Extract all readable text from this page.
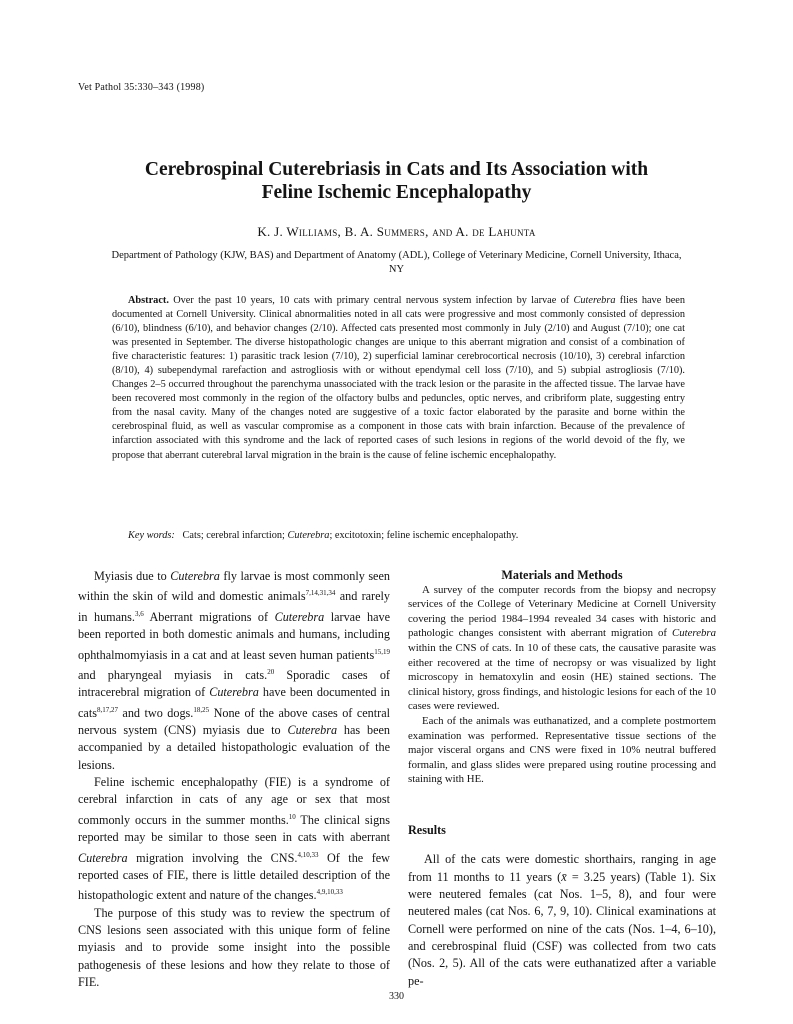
Vet Pathol 35:330–343 (1998)
Cerebrospinal Cuterebriasis in Cats and Its Association with
Feline Ischemic Encephalopathy
K. J. Williams, B. A. Summers, and A. de Lahunta
Department of Pathology (KJW, BAS) and Department of Anatomy (ADL), College of Veterinary Medicine, Cornell University, Ithaca, NY
Abstract. Over the past 10 years, 10 cats with primary central nervous system infection by larvae of Cuterebra flies have been documented at Cornell University. Clinical abnormalities noted in all cats were progressive and most commonly consisted of depression (6/10), blindness (6/10), and behavior changes (2/10). Affected cats presented most commonly in July (2/10) and August (7/10); one cat was presented in September. The diverse histopathologic changes are unique to this aberrant migration and consist of a combination of five characteristic features: 1) parasitic track lesion (7/10), 2) superficial laminar cerebrocortical necrosis (10/10), 3) cerebral infarction (8/10), 4) subependymal rarefaction and astrogliosis with or without ependymal cell loss (7/10), and 5) subpial astrogliosis (7/10). Changes 2–5 occurred throughout the parenchyma unassociated with the track lesion or the parasite in the affected tissue. The larvae have been recovered most commonly in the region of the olfactory bulbs and peduncles, optic nerves, and cribriform plate, suggesting entry from the nasal cavity. Many of the changes noted are suggestive of a toxic factor elaborated by the parasite and borne within the cerebrospinal fluid, as well as vascular compromise as a component in those cats with brain infarction. Because of the prevalence of infarction associated with this syndrome and the lack of reported cases of such lesions in regions of the world devoid of the fly, we propose that aberrant cuterebral larval migration in the brain is the cause of feline ischemic encephalopathy.
Key words: Cats; cerebral infarction; Cuterebra; excitotoxin; feline ischemic encephalopathy.

Myiasis due to Cuterebra fly larvae is most commonly seen within the skin of wild and domestic animals$^{7,14,31,34}$ and rarely in humans.$^{3,6}$ Aberrant migrations of Cuterebra larvae have been reported in both domestic animals and humans, including ophthalmomyiasis in a cat and at least seven human patients$^{15,19}$ and pharyngeal myiasis in cats.$^{20}$ Sporadic cases of intracerebral migration of Cuterebra have been documented in cats$^{8,17,27}$ and two dogs.$^{18,25}$ None of the above cases of central nervous system (CNS) myiasis due to Cuterebra has been accompanied by a detailed histopathologic evaluation of the lesions.

Feline ischemic encephalopathy (FIE) is a syndrome of cerebral infarction in cats of any age or sex that most commonly occurs in the summer months.$^{10}$ The clinical signs reported may be similar to those seen in cats with aberrant Cuterebra migration involving the CNS.$^{4,10,33}$ Of the few reported cases of FIE, there is little detailed description of the histopathologic extent and nature of the changes.$^{4,9,10,33}$

The purpose of this study was to review the spectrum of CNS lesions seen associated with this unique form of feline myiasis and to provide some insight into the possible pathogenesis of these lesions and how they relate to those of FIE.

Materials and Methods

A survey of the computer records from the biopsy and necropsy services of the College of Veterinary Medicine at Cornell University covering the period 1984–1994 revealed 34 cases with historic and pathologic changes consistent with aberrant migration of Cuterebra within the CNS of cats. In 10 of these cats, the causative parasite was either recovered at the time of necropsy or was visualized by light microscopy in hematoxylin and eosin (HE) stained sections. The clinical history, gross findings, and histologic lesions for each of the 10 cases were reviewed.

Each of the animals was euthanatized, and a complete postmortem examination was performed. Representative tissue sections of the major visceral organs and CNS were fixed in 10% neutral buffered formalin, and glass slides were prepared using routine processing and staining with HE.

Results

All of the cats were domestic shorthairs, ranging in age from 11 months to 11 years (x̄ = 3.25 years) (Table 1). Six were neutered females (cat Nos. 1–5, 8), and four were neutered males (cat Nos. 6, 7, 9, 10). Clinical examinations at Cornell were performed on nine of the cats (Nos. 1–4, 6–10), and cerebrospinal fluid (CSF) was collected from two cats (Nos. 2, 5). All of the cats were euthanatized after a variable pe-

330
